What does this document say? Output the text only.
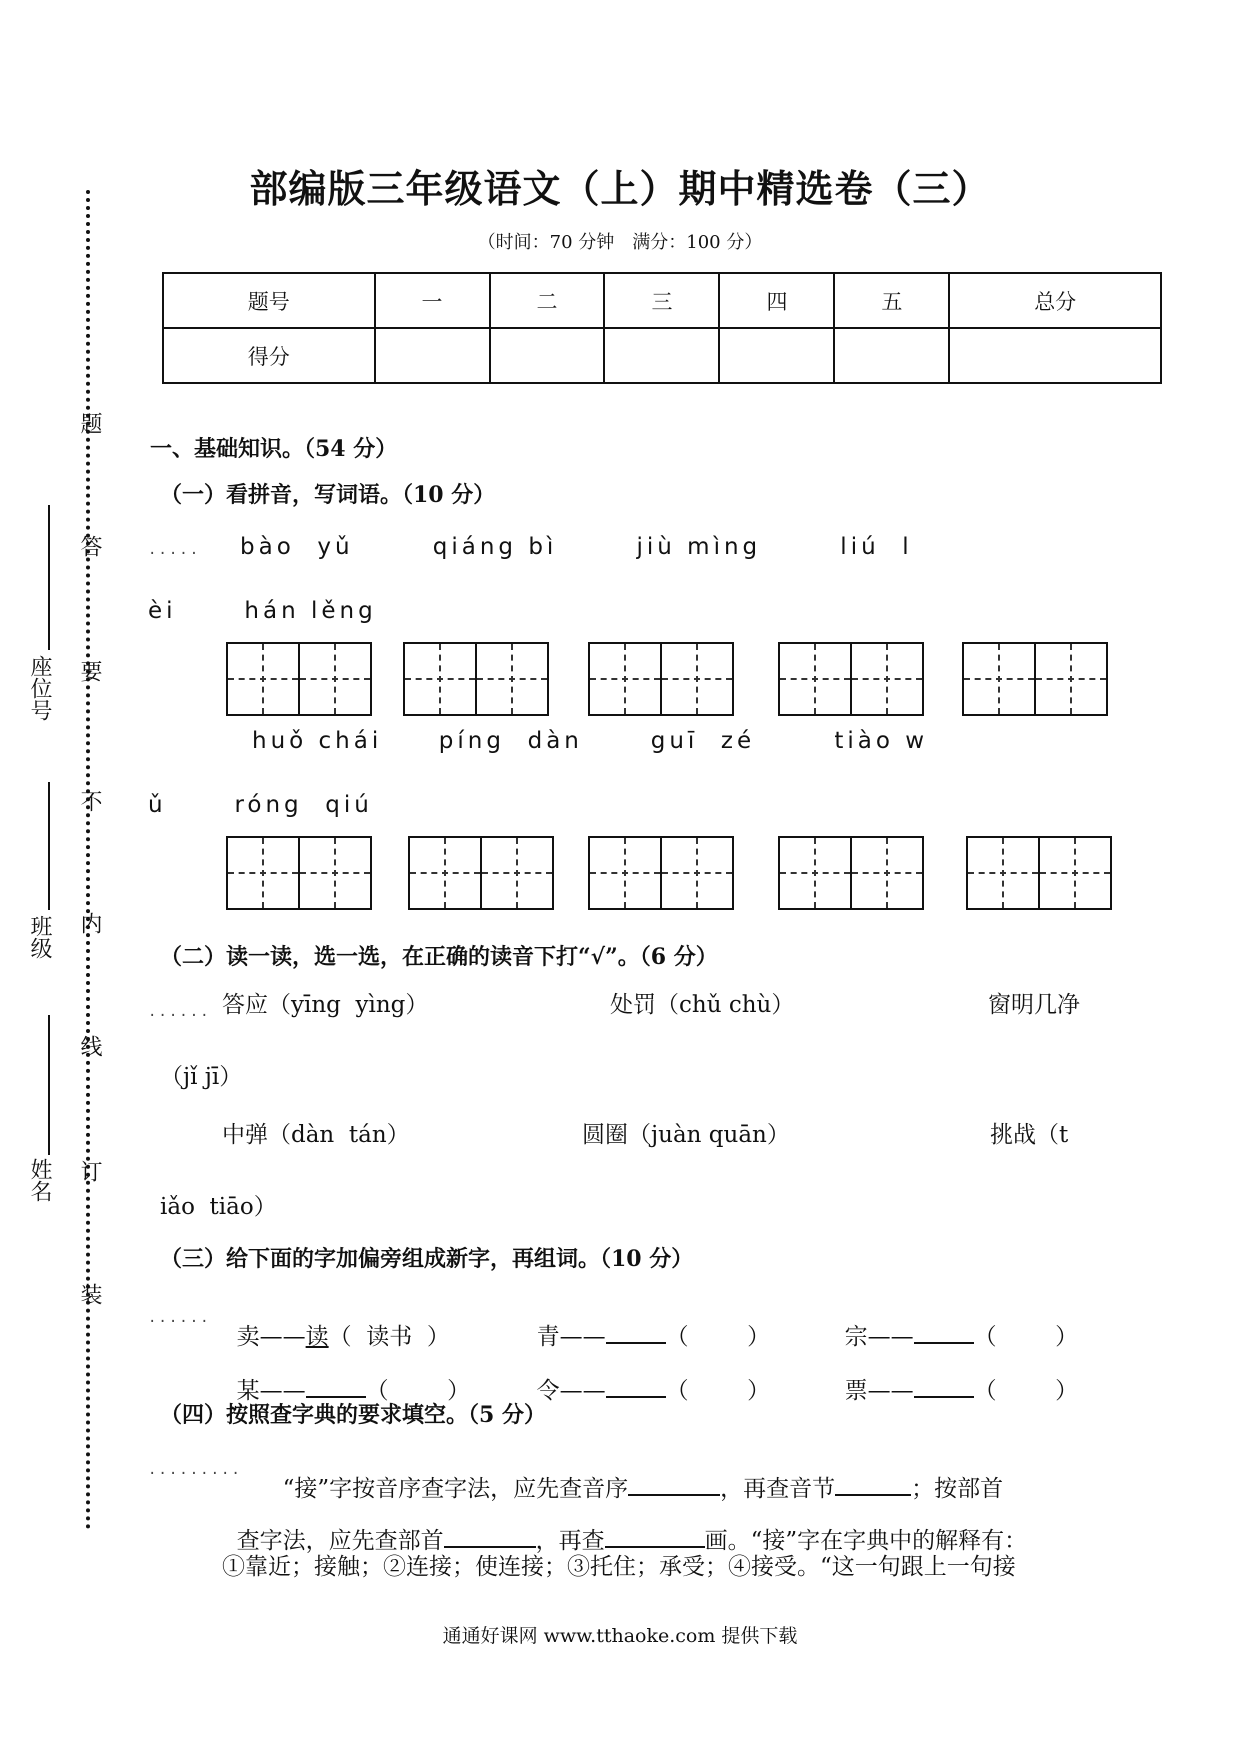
题
答
要
不
内
线
订
装
座位号
班级
姓名
部编版三年级语文（上）期中精选卷（三）
（时间：70 分钟　满分：100 分）
题号	一	二	三	四	五	总分
得分						
一、基础知识。（54 分）
（一）看拼音，写词语。（10 分）
..... bào  yǔ       qiáng bì       jiù mìng       liú  l
èi      hán lěng
huǒ chái     píng  dàn      guī  zé       tiào w
ǔ      róng  qiú
（二）读一读，选一选，在正确的读音下打“√”。（6 分）
...... 答应（yīng  yìng）	处罚（chǔ chù）	窗明几净
（jǐ jī）
中弹（dàn  tán）	圆圈（juàn quān）	挑战（t
iǎo  tiāo）
（三）给下面的字加偏旁组成新字，再组词。（10 分）
......

卖——读（  读书  ）	青——	（        ）	宗——	（        ）

某——	（        ）	令——	（        ）	票——	（        ）

（四）按照查字典的要求填空。（5 分）
.........

“接”字按音序查字法，应先查音序	，再查音节	；按部首

查字法，应先查部首	，再查	画。“接”字在字典中的解释有：

①靠近；接触；②连接；使连接；③托住；承受；④接受。“这一句跟上一句接
通通好课网 www.tthaoke.com 提供下载
